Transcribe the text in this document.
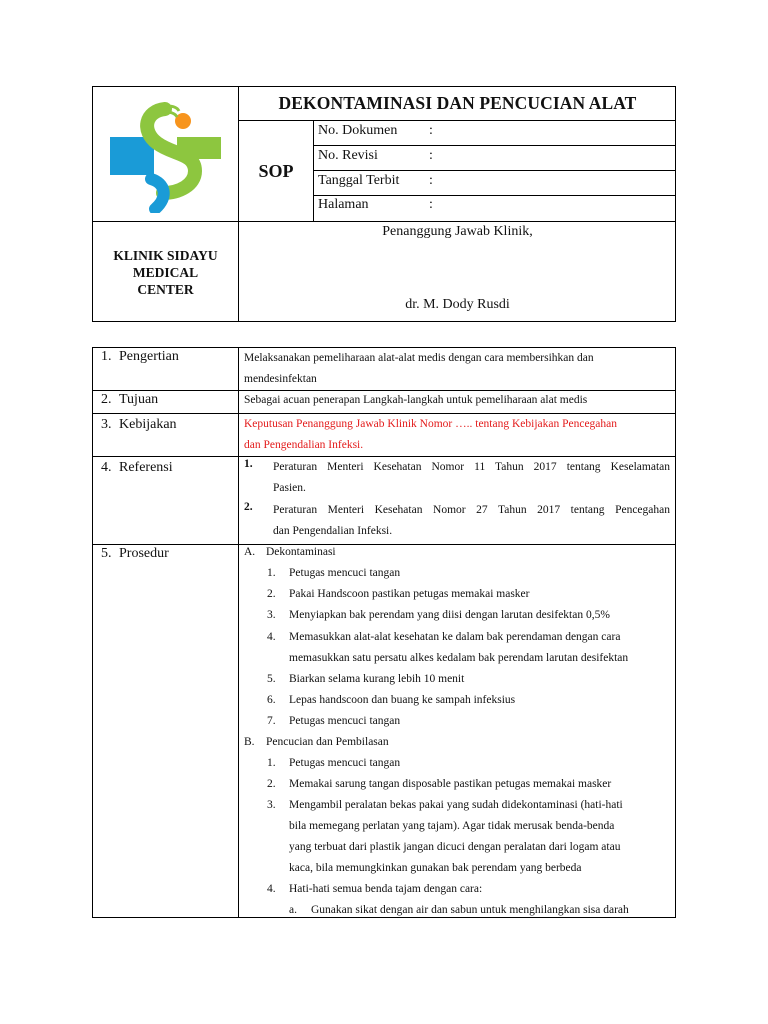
DEKONTAMINASI DAN PENCUCIAN ALAT
SOP
No. Dokumen :
No. Revisi	:
Tanggal Terbit :
Halaman	:
KLINIK SIDAYU MEDICAL CENTER
Penanggung Jawab Klinik,
dr. M. Dody Rusdi
1. Pengertian	Melaksanakan pemeliharaan alat-alat medis dengan cara membersihkan dan
mendesinfektan
2. Tujuan	Sebagai acuan penerapan Langkah-langkah untuk pemeliharaan alat medis
3. Kebijakan	Keputusan Penanggung Jawab Klinik Nomor ….. tentang Kebijakan Pencegahan
dan Pengendalian Infeksi.
4. Referensi	1. Peraturan Menteri Kesehatan Nomor 11 Tahun 2017 tentang Keselamatan
Pasien.
2. Peraturan Menteri Kesehatan Nomor 27 Tahun 2017 tentang Pencegahan
dan Pengendalian Infeksi.
5. Prosedur	A. Dekontaminasi
1. Petugas mencuci tangan
2. Pakai Handscoon pastikan petugas memakai masker
3. Menyiapkan bak perendam yang diisi dengan larutan desifektan 0,5%
4. Memasukkan alat-alat kesehatan ke dalam bak perendaman dengan cara
memasukkan satu persatu alkes kedalam bak perendam larutan desifektan
5. Biarkan selama kurang lebih 10 menit
6. Lepas handscoon dan buang ke sampah infeksius
7. Petugas mencuci tangan
B. Pencucian dan Pembilasan
1. Petugas mencuci tangan
2. Memakai sarung tangan disposable pastikan petugas memakai masker
3. Mengambil peralatan bekas pakai yang sudah didekontaminasi (hati-hati
bila memegang perlatan yang tajam). Agar tidak merusak benda-benda
yang terbuat dari plastik jangan dicuci dengan peralatan dari logam atau
kaca, bila memungkinkan gunakan bak perendam yang berbeda
4. Hati-hati semua benda tajam dengan cara:
a. Gunakan sikat dengan air dan sabun untuk menghilangkan sisa darah
